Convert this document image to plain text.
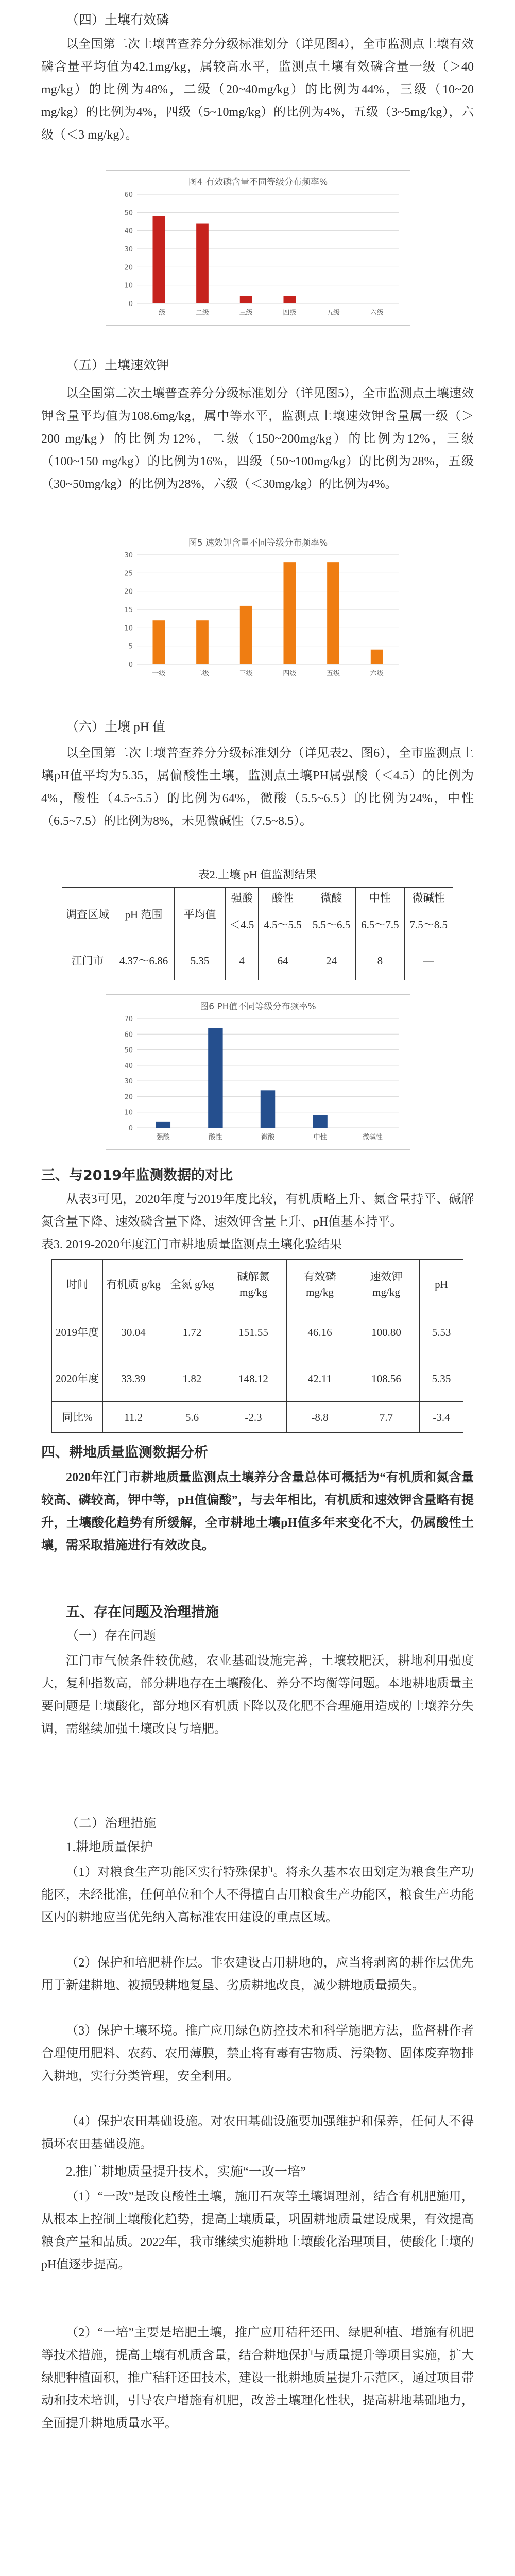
（四）土壤有效磷

以全国第二次土壤普查养分分级标准划分（详见图4），全市监测点土壤有效磷含量平均值为42.1mg/kg，属较高水平，监测点土壤有效磷含量一级（＞40 mg/kg）的比例为48%，二级（20~40mg/kg）的比例为44%，三级（10~20 mg/kg）的比例为4%，四级（5~10mg/kg）的比例为4%，五级（3~5mg/kg），六级（＜3 mg/kg）。

图4 有效磷含量不同等级分布频率%
0
10
20
30
40
50
60
一级	二级	三级	四级	五级	六级

（五）土壤速效钾

以全国第二次土壤普查养分分级标准划分（详见图5），全市监测点土壤速效钾含量平均值为108.6mg/kg，属中等水平，监测点土壤速效钾含量属一级（＞200 mg/kg）的比例为12%，二级（150~200mg/kg）的比例为12%，三级（100~150 mg/kg）的比例为16%，四级（50~100mg/kg）的比例为28%，五级（30~50mg/kg）的比例为28%，六级（＜30mg/kg）的比例为4%。

图5 速效钾含量不同等级分布频率%
0
5
10
15
20
25
30
一级	二级	三级	四级	五级	六级

（六）土壤 pH 值

以全国第二次土壤普查养分分级标准划分（详见表2、图6），全市监测点土壤pH值平均为5.35，属偏酸性土壤，监测点土壤PH属强酸（＜4.5）的比例为4%，酸性（4.5~5.5）的比例为64%，微酸（5.5~6.5）的比例为24%，中性（6.5~7.5）的比例为8%，未见微碱性（7.5~8.5）。

表2.土壤 pH 值监测结果

调查区域	pH 范围	平均值	强酸	酸性	微酸	中性	微碱性
			＜4.5	4.5～5.5	5.5～6.5	6.5～7.5	7.5～8.5
江门市	4.37～6.86	5.35	4	64	24	8	—
图6 PH值不同等级分布频率%
0
10
20
30
40
50
60
70
强酸	酸性	微酸	中性	微碱性

三、与2019年监测数据的对比

从表3可见，2020年度与2019年度比较，有机质略上升、氮含量持平、碱解氮含量下降、速效磷含量下降、速效钾含量上升、pH值基本持平。

表3. 2019-2020年度江门市耕地质量监测点土壤化验结果

时间	有机质 g/kg	全氮 g/kg	碱解氮 mg/kg	有效磷 mg/kg	速效钾 mg/kg	pH
2019年度	30.04	1.72	151.55	46.16	100.80	5.53
2020年度	33.39	1.82	148.12	42.11	108.56	5.35
同比%	11.2	5.6	-2.3	-8.8	7.7	-3.4

四、耕地质量监测数据分析

2020年江门市耕地质量监测点土壤养分含量总体可概括为“有机质和氮含量较高、磷较高，钾中等，pH值偏酸”，与去年相比，有机质和速效钾含量略有提升，土壤酸化趋势有所缓解，全市耕地土壤pH值多年来变化不大，仍属酸性土壤，需采取措施进行有效改良。

五、存在问题及治理措施

（一）存在问题

江门市气候条件较优越，农业基础设施完善，土壤较肥沃，耕地利用强度大，复种指数高，部分耕地存在土壤酸化、养分不均衡等问题。本地耕地质量主要问题是土壤酸化，部分地区有机质下降以及化肥不合理施用造成的土壤养分失调，需继续加强土壤改良与培肥。

（二）治理措施

1.耕地质量保护

（1）对粮食生产功能区实行特殊保护。将永久基本农田划定为粮食生产功能区，未经批准，任何单位和个人不得擅自占用粮食生产功能区，粮食生产功能区内的耕地应当优先纳入高标准农田建设的重点区域。

（2）保护和培肥耕作层。非农建设占用耕地的，应当将剥离的耕作层优先用于新建耕地、被损毁耕地复垦、劣质耕地改良，减少耕地质量损失。

（3）保护土壤环境。推广应用绿色防控技术和科学施肥方法，监督耕作者合理使用肥料、农药、农用薄膜，禁止将有毒有害物质、污染物、固体废弃物排入耕地，实行分类管理，安全利用。

（4）保护农田基础设施。对农田基础设施要加强维护和保养，任何人不得损坏农田基础设施。

2.推广耕地质量提升技术，实施“一改一培”

（1）“一改”是改良酸性土壤，施用石灰等土壤调理剂，结合有机肥施用，从根本上控制土壤酸化趋势，提高土壤质量，巩固耕地质量建设成果，有效提高粮食产量和品质。2022年，我市继续实施耕地土壤酸化治理项目，使酸化土壤的pH值逐步提高。

（2）“一培”主要是培肥土壤，推广应用秸秆还田、绿肥种植、增施有机肥等技术措施，提高土壤有机质含量，结合耕地保护与质量提升等项目实施，扩大绿肥种植面积，推广秸秆还田技术，建设一批耕地质量提升示范区，通过项目带动和技术培训，引导农户增施有机肥，改善土壤理化性状，提高耕地基础地力，全面提升耕地质量水平。
